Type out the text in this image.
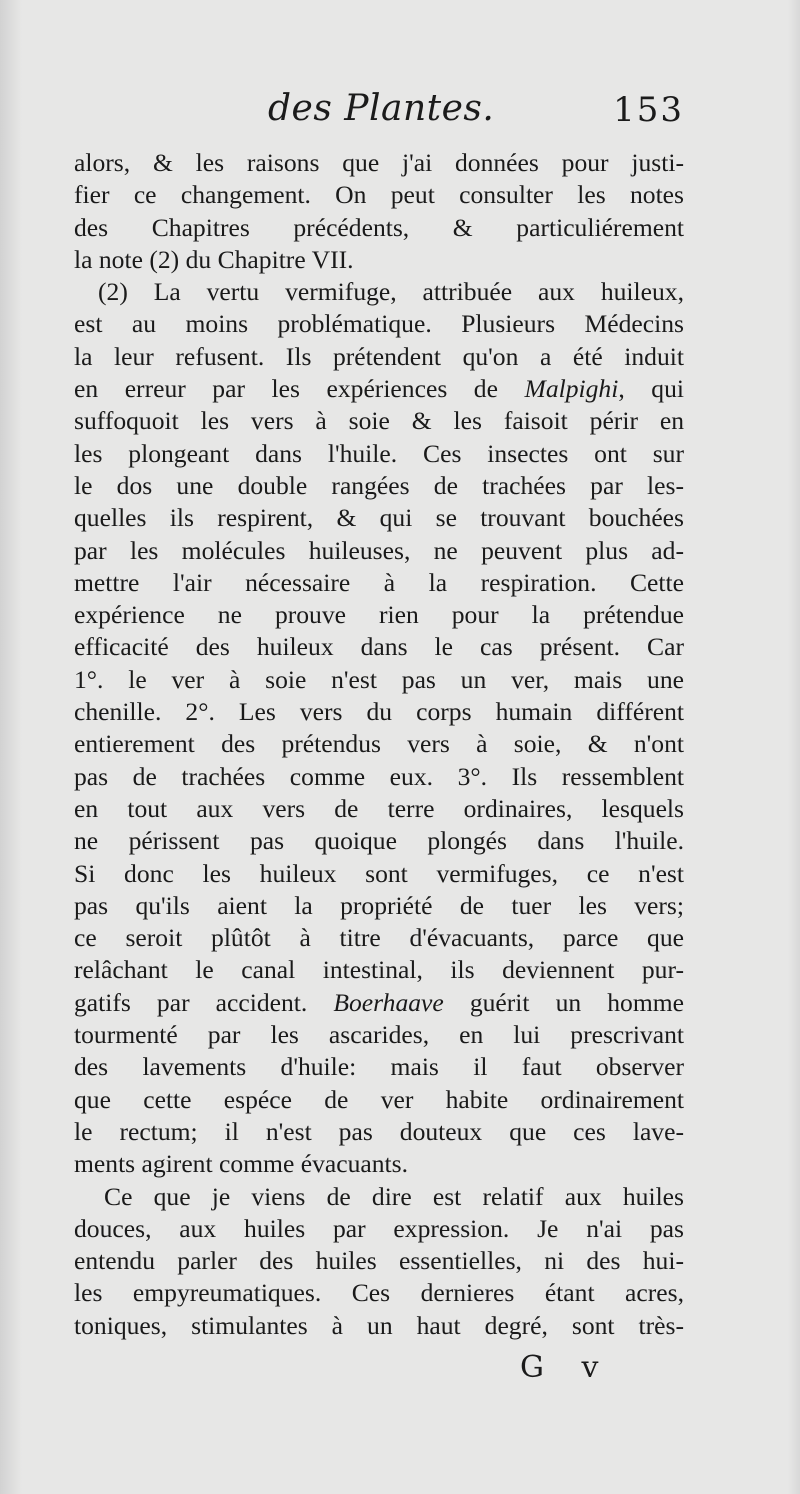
des Plantes.	153
alors, & les raisons que j'ai données pour justi-
fier ce changement. On peut consulter les notes
des Chapitres précédents, & particuliérement
la note (2) du Chapitre VII.
(2) La vertu vermifuge, attribuée aux huileux,
est au moins problématique. Plusieurs Médecins
la leur refusent. Ils prétendent qu'on a été induit
en erreur par les expériences de Malpighi, qui
suffoquoit les vers à soie & les faisoit périr en
les plongeant dans l'huile. Ces insectes ont sur
le dos une double rangées de trachées par les-
quelles ils respirent, & qui se trouvant bouchées
par les molécules huileuses, ne peuvent plus ad-
mettre l'air nécessaire à la respiration. Cette
expérience ne prouve rien pour la prétendue
efficacité des huileux dans le cas présent. Car
1°. le ver à soie n'est pas un ver, mais une
chenille. 2°. Les vers du corps humain différent
entierement des prétendus vers à soie, & n'ont
pas de trachées comme eux. 3°. Ils ressemblent
en tout aux vers de terre ordinaires, lesquels
ne périssent pas quoique plongés dans l'huile.
Si donc les huileux sont vermifuges, ce n'est
pas qu'ils aient la propriété de tuer les vers;
ce seroit plûtôt à titre d'évacuants, parce que
relâchant le canal intestinal, ils deviennent pur-
gatifs par accident. Boerhaave guérit un homme
tourmenté par les ascarides, en lui prescrivant
des lavements d'huile: mais il faut observer
que cette espéce de ver habite ordinairement
le rectum; il n'est pas douteux que ces lave-
ments agirent comme évacuants.
Ce que je viens de dire est relatif aux huiles
douces, aux huiles par expression. Je n'ai pas
entendu parler des huiles essentielles, ni des hui-
les empyreumatiques. Ces dernieres étant acres,
toniques, stimulantes à un haut degré, sont très-
G v
